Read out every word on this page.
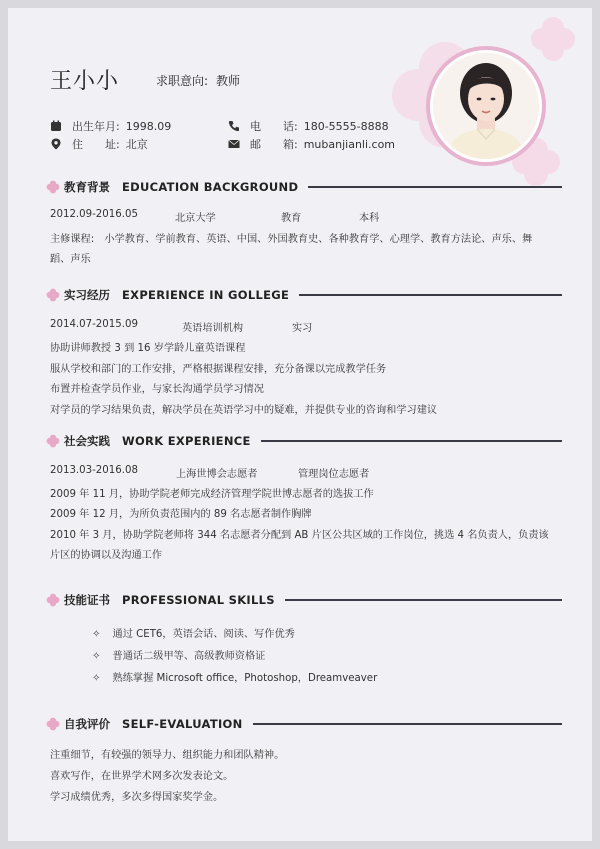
王小小	求职意向: 教师
出生年月: 1998.09
住　　址: 北京
电　　话: 180-5555-8888
邮　　箱: mubanjianli.com
教育背景 EDUCATION BACKGROUND
2012.09-2016.05	北京大学	教育	本科
主修课程:　小学教育、学前教育、英语、中国、外国教育史、各种教育学、心理学、教育方法论、声乐、舞
蹈、声乐
实习经历 EXPERIENCE IN GOLLEGE
2014.07-2015.09	英语培训机构	实习
协助讲师教授 3 到 16 岁学龄儿童英语课程
服从学校和部门的工作安排，严格根据课程安排，充分备课以完成教学任务
布置并检查学员作业，与家长沟通学员学习情况
对学员的学习结果负责，解决学员在英语学习中的疑难，并提供专业的咨询和学习建议
社会实践 WORK EXPERIENCE
2013.03-2016.08	上海世博会志愿者	管理岗位志愿者
2009 年 11 月，协助学院老师完成经济管理学院世博志愿者的选拔工作
2009 年 12 月，为所负责范围内的 89 名志愿者制作胸牌
2010 年 3 月，协助学院老师将 344 名志愿者分配到 AB 片区公共区域的工作岗位，挑选 4 名负责人，负责该
片区的协调以及沟通工作
技能证书 PROFESSIONAL SKILLS
✧ 通过 CET6，英语会话、阅读、写作优秀
✧ 普通话二级甲等、高级教师资格证
✧ 熟练掌握 Microsoft office，Photoshop，Dreamveaver
自我评价 SELF-EVALUATION
注重细节，有较强的领导力、组织能力和团队精神。
喜欢写作，在世界学术网多次发表论文。
学习成绩优秀，多次多得国家奖学金。
